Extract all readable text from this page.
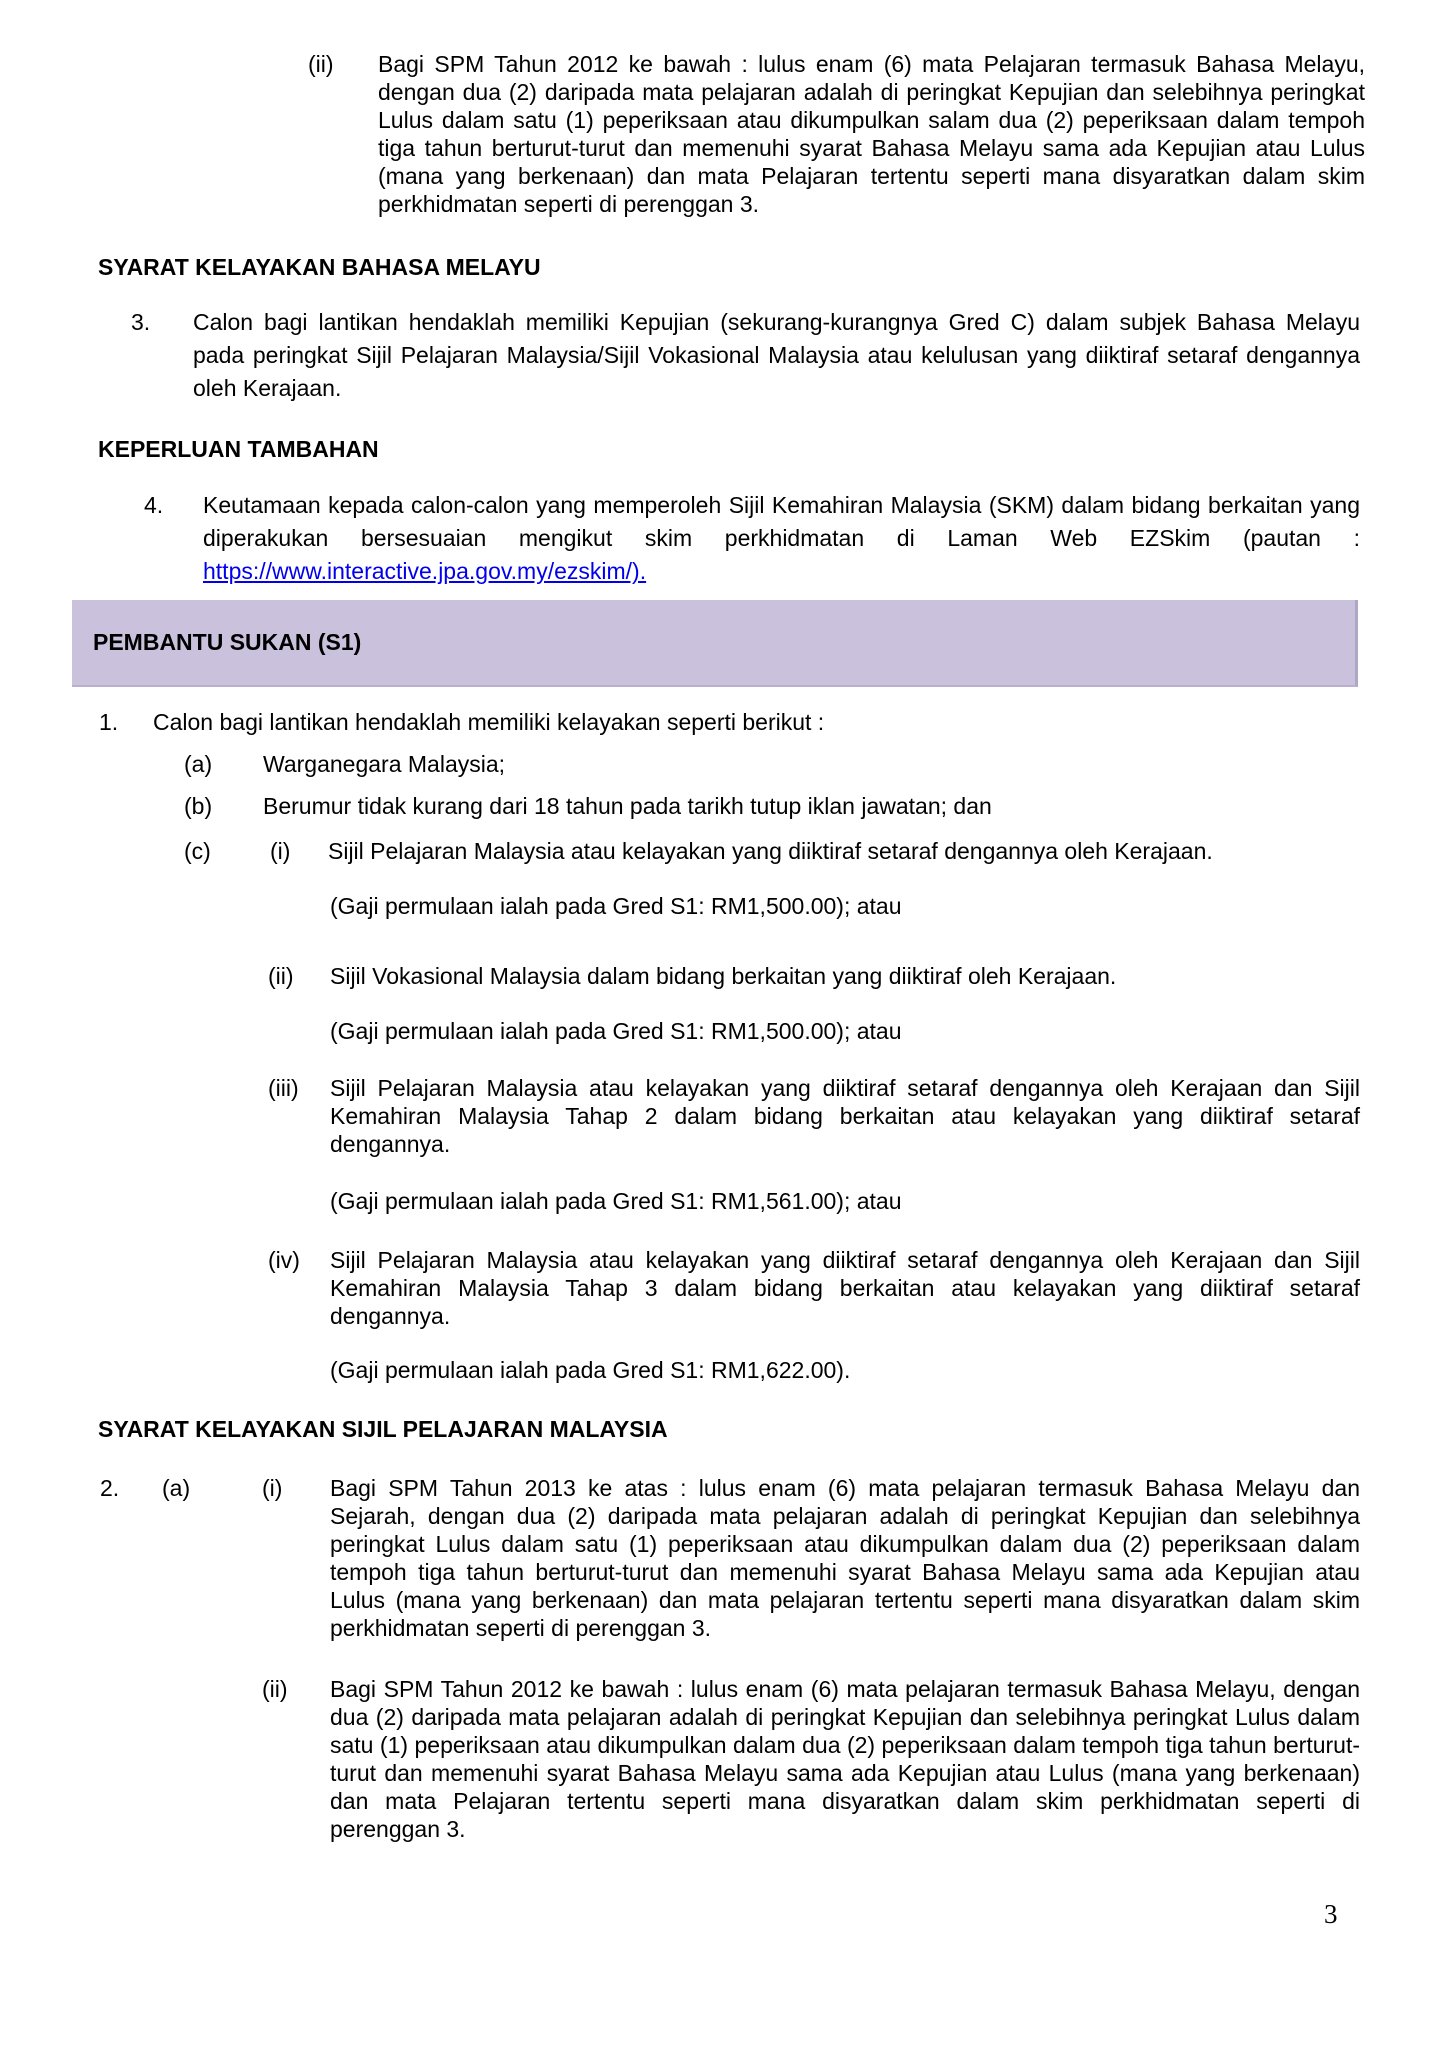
(ii)	Bagi SPM Tahun 2012 ke bawah : lulus enam (6) mata Pelajaran termasuk Bahasa Melayu, dengan dua (2) daripada mata pelajaran adalah di peringkat Kepujian dan selebihnya peringkat Lulus dalam satu (1) peperiksaan atau dikumpulkan salam dua (2) peperiksaan dalam tempoh tiga tahun berturut-turut dan memenuhi syarat Bahasa Melayu sama ada Kepujian atau Lulus (mana yang berkenaan) dan mata Pelajaran tertentu seperti mana disyaratkan dalam skim perkhidmatan seperti di perenggan 3.
SYARAT KELAYAKAN BAHASA MELAYU
3.	Calon bagi lantikan hendaklah memiliki Kepujian (sekurang-kurangnya Gred C) dalam subjek Bahasa Melayu pada peringkat Sijil Pelajaran Malaysia/Sijil Vokasional Malaysia atau kelulusan yang diiktiraf setaraf dengannya oleh Kerajaan.
KEPERLUAN TAMBAHAN
4.	Keutamaan kepada calon-calon yang memperoleh Sijil Kemahiran Malaysia (SKM) dalam bidang berkaitan yang diperakukan bersesuaian mengikut skim perkhidmatan di Laman Web EZSkim (pautan : https://www.interactive.jpa.gov.my/ezskim/).
PEMBANTU SUKAN (S1)
1.	Calon bagi lantikan hendaklah memiliki kelayakan seperti berikut :
(a)	Warganegara Malaysia;
(b)	Berumur tidak kurang dari 18 tahun pada tarikh tutup iklan jawatan; dan
(c)	(i)	Sijil Pelajaran Malaysia atau kelayakan yang diiktiraf setaraf dengannya oleh Kerajaan.
(Gaji permulaan ialah pada Gred S1: RM1,500.00); atau
(ii)	Sijil Vokasional Malaysia dalam bidang berkaitan yang diiktiraf oleh Kerajaan.
(Gaji permulaan ialah pada Gred S1: RM1,500.00); atau
(iii)	Sijil Pelajaran Malaysia atau kelayakan yang diiktiraf setaraf dengannya oleh Kerajaan dan Sijil Kemahiran Malaysia Tahap 2 dalam bidang berkaitan atau kelayakan yang diiktiraf setaraf dengannya.
(Gaji permulaan ialah pada Gred S1: RM1,561.00); atau
(iv)	Sijil Pelajaran Malaysia atau kelayakan yang diiktiraf setaraf dengannya oleh Kerajaan dan Sijil Kemahiran Malaysia Tahap 3 dalam bidang berkaitan atau kelayakan yang diiktiraf setaraf dengannya.
(Gaji permulaan ialah pada Gred S1: RM1,622.00).
SYARAT KELAYAKAN SIJIL PELAJARAN MALAYSIA
2.	(a)	(i)	Bagi SPM Tahun 2013 ke atas : lulus enam (6) mata pelajaran termasuk Bahasa Melayu dan Sejarah, dengan dua (2) daripada mata pelajaran adalah di peringkat Kepujian dan selebihnya peringkat Lulus dalam satu (1) peperiksaan atau dikumpulkan dalam dua (2) peperiksaan dalam tempoh tiga tahun berturut-turut dan memenuhi syarat Bahasa Melayu sama ada Kepujian atau Lulus (mana yang berkenaan) dan mata pelajaran tertentu seperti mana disyaratkan dalam skim perkhidmatan seperti di perenggan 3.
(ii)	Bagi SPM Tahun 2012 ke bawah : lulus enam (6) mata pelajaran termasuk Bahasa Melayu, dengan dua (2) daripada mata pelajaran adalah di peringkat Kepujian dan selebihnya peringkat Lulus dalam satu (1) peperiksaan atau dikumpulkan dalam dua (2) peperiksaan dalam tempoh tiga tahun berturut-turut dan memenuhi syarat Bahasa Melayu sama ada Kepujian atau Lulus (mana yang berkenaan) dan mata Pelajaran tertentu seperti mana disyaratkan dalam skim perkhidmatan seperti di perenggan 3.
3
